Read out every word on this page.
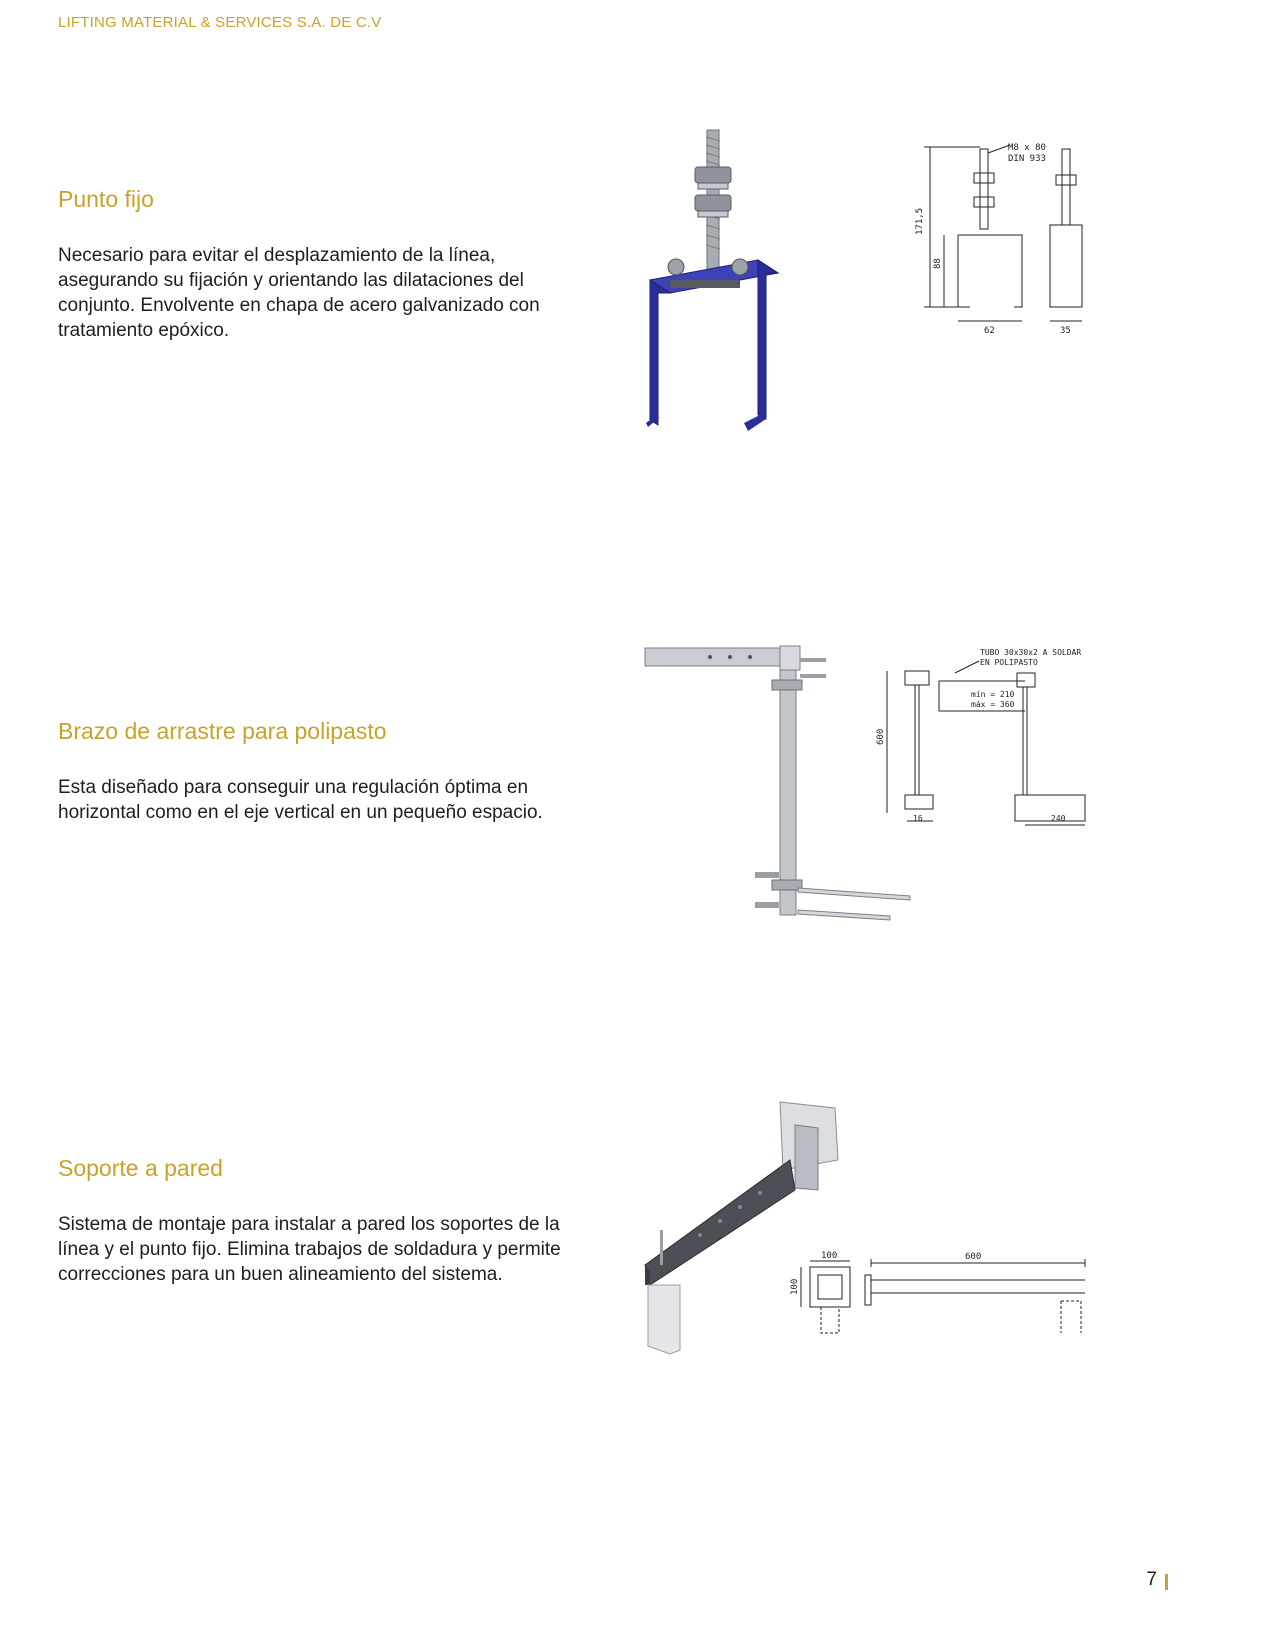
LIFTING MATERIAL & SERVICES S.A. DE C.V
Punto fijo

Necesario para evitar el desplazamiento de la línea, asegurando su fijación y orientando las dilataciones del conjunto. Envolvente en chapa de acero galvanizado con tratamiento epóxico.

M8 x 80
DIN 933
171,5
88
62	35
Brazo de arrastre para polipasto

Esta diseñado para conseguir una regulación óptima en horizontal como en el eje vertical en un pequeño espacio.

TUBO 30x30x2 A SOLDAR
EN POLIPASTO
mín = 210
máx = 360
600
16	240
Soporte a pared

Sistema de montaje para instalar a pared los soportes de la línea y el punto fijo. Elimina trabajos de soldadura y permite correcciones para un buen alineamiento del sistema.

100
100
600
7
